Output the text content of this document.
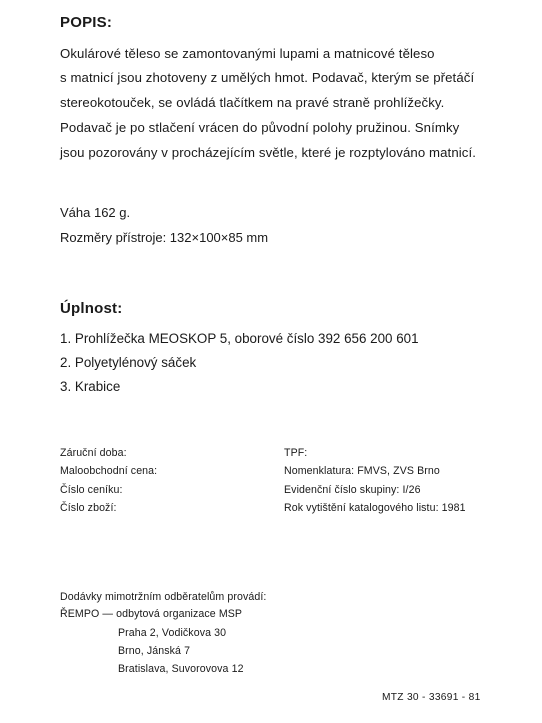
POPIS:
Okulárové těleso se zamontovanými lupami a matnicové těleso
s matnicí jsou zhotoveny z umělých hmot. Podavač, kterým se přetáčí
stereokotouček, se ovládá tlačítkem na pravé straně prohlížečky.
Podavač je po stlačení vrácen do původní polohy pružinou. Snímky
jsou pozorovány v procházejícím světle, které je rozptylováno matnicí.
Váha 162 g.
Rozměry přístroje: 132×100×85 mm
Úplnost:
1. Prohlížečka MEOSKOP 5, oborové číslo 392 656 200 601
2. Polyetylénový sáček
3. Krabice
Záruční doba:
Maloobchodní cena:
Číslo ceníku:
Číslo zboží:
TPF:
Nomenklatura: FMVS, ZVS Brno
Evidenční číslo skupiny: I/26
Rok vytištění katalogového listu: 1981
Dodávky mimotržním odběratelům provádí:
ŘEMPO — odbytová organizace MSP
Praha 2, Vodičkova 30
Brno, Jánská 7
Bratislava, Suvorovova 12
MTZ 30 - 33691 - 81
